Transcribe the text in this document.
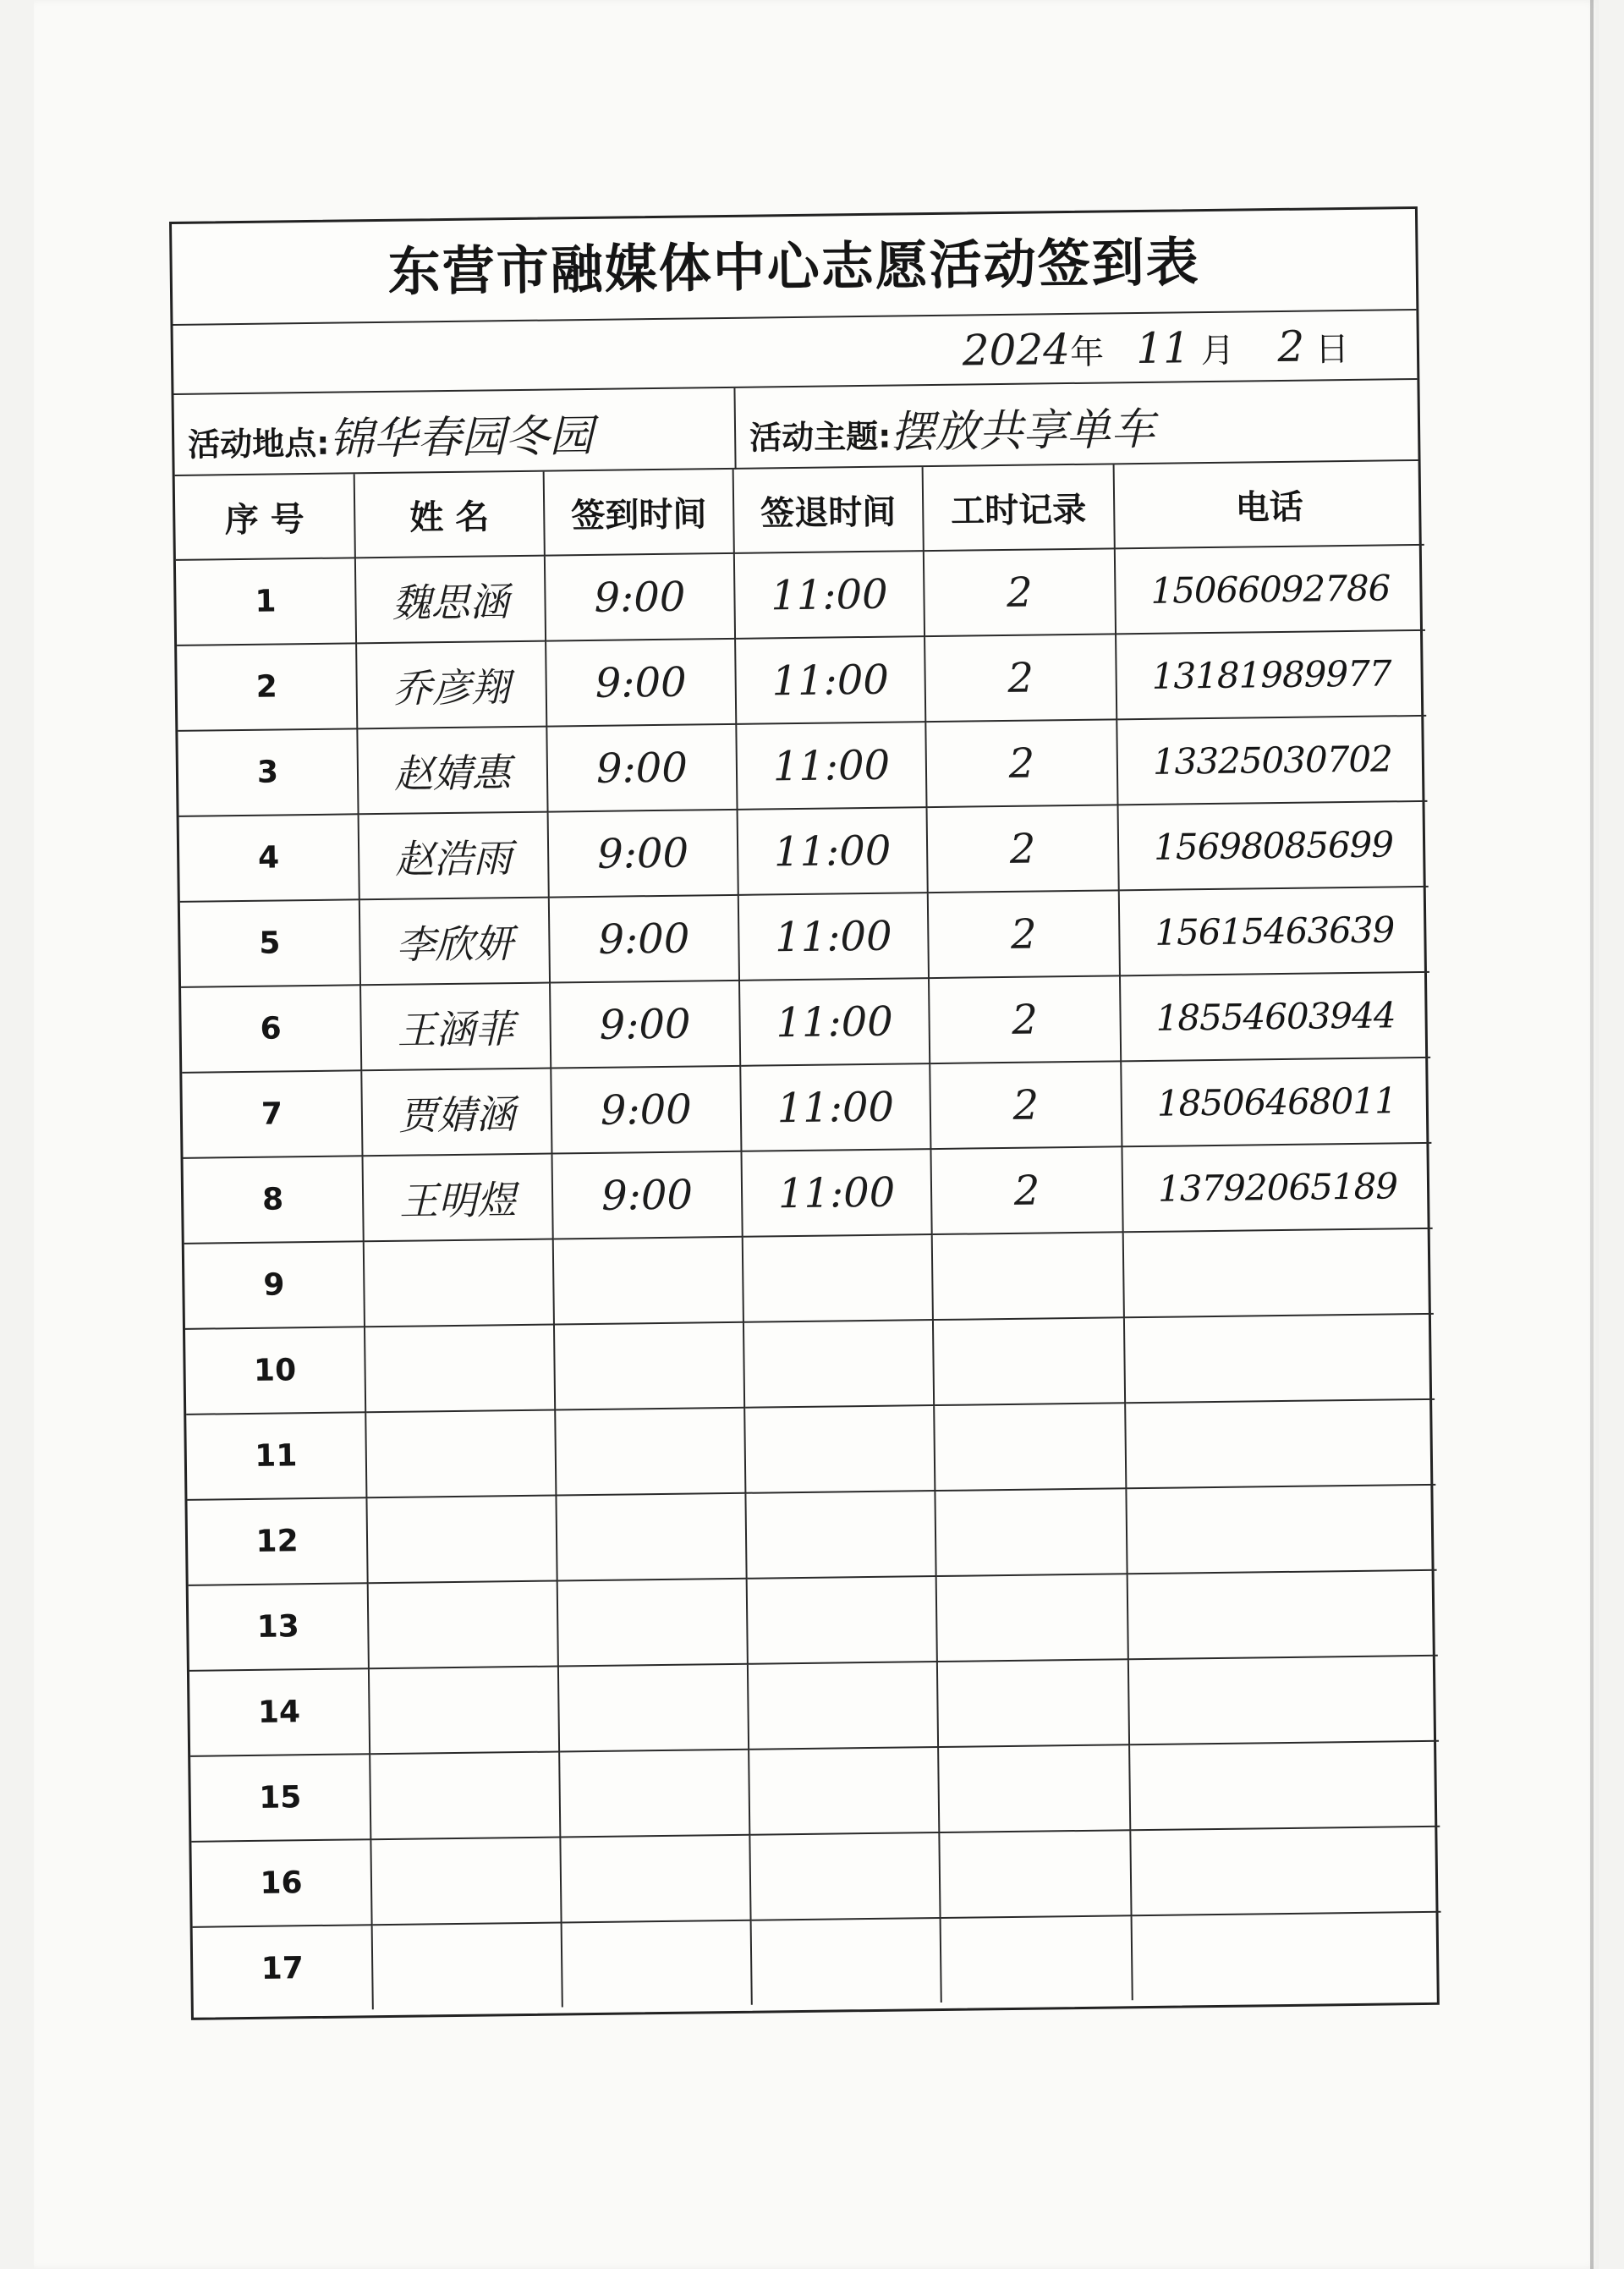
东营市融媒体中心志愿活动签到表
2024年 11 月 2 日
活动地点:锦华春园冬园	活动主题:摆放共享单车
序 号	姓 名	签到时间	签退时间	工时记录	电话
1	魏思涵	9:00	11:00	2	15066092786
2	乔彦翔	9:00	11:00	2	13181989977
3	赵婧惠	9:00	11:00	2	13325030702
4	赵浩雨	9:00	11:00	2	15698085699
5	李欣妍	9:00	11:00	2	15615463639
6	王涵菲	9:00	11:00	2	18554603944
7	贾婧涵	9:00	11:00	2	18506468011
8	王明煜	9:00	11:00	2	13792065189
9					
10					
11					
12					
13					
14					
15					
16					
17					
